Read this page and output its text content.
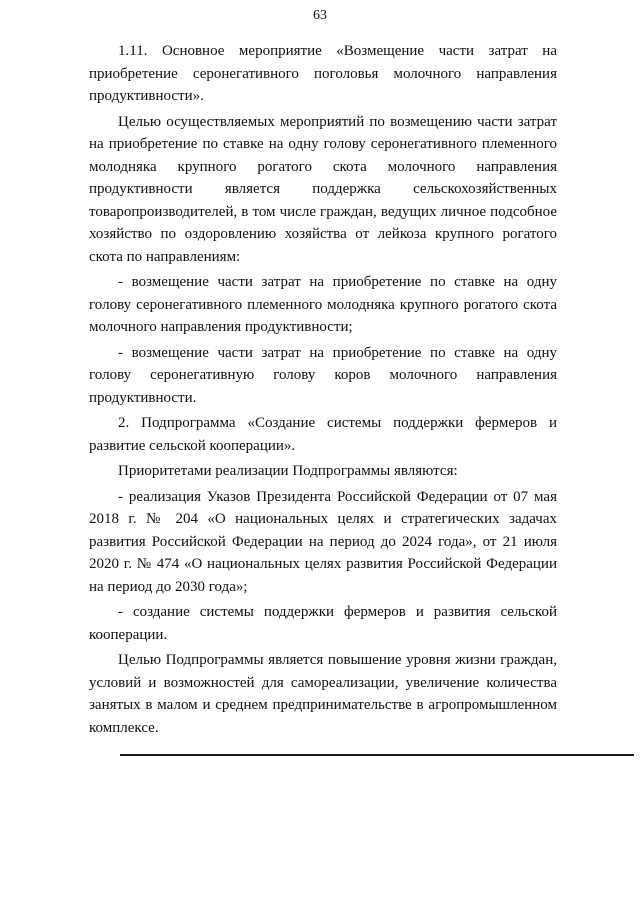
63

1.11. Основное мероприятие «Возмещение части затрат на приобретение серонегативного поголовья молочного направления продуктивности».

Целью осуществляемых мероприятий по возмещению части затрат на приобретение по ставке на одну голову серонегативного племенного молодняка крупного рогатого скота молочного направления продуктивности является поддержка сельскохозяйственных товаропроизводителей, в том числе граждан, ведущих личное подсобное хозяйство по оздоровлению хозяйства от лейкоза крупного рогатого скота по направлениям:

- возмещение части затрат на приобретение по ставке на одну голову серонегативного племенного молодняка крупного рогатого скота молочного направления продуктивности;

- возмещение части затрат на приобретение по ставке на одну голову серонегативную голову коров молочного направления продуктивности.

2. Подпрограмма «Создание системы поддержки фермеров и развитие сельской кооперации».

Приоритетами реализации Подпрограммы являются:

- реализация Указов Президента Российской Федерации от 07 мая 2018 г. № 204 «О национальных целях и стратегических задачах развития Российской Федерации на период до 2024 года», от 21 июля 2020 г. № 474 «О национальных целях развития Российской Федерации на период до 2030 года»;

- создание системы поддержки фермеров и развития сельской кооперации.

Целью Подпрограммы является повышение уровня жизни граждан, условий и возможностей для самореализации, увеличение количества занятых в малом и среднем предпринимательстве в агропромышленном комплексе.
